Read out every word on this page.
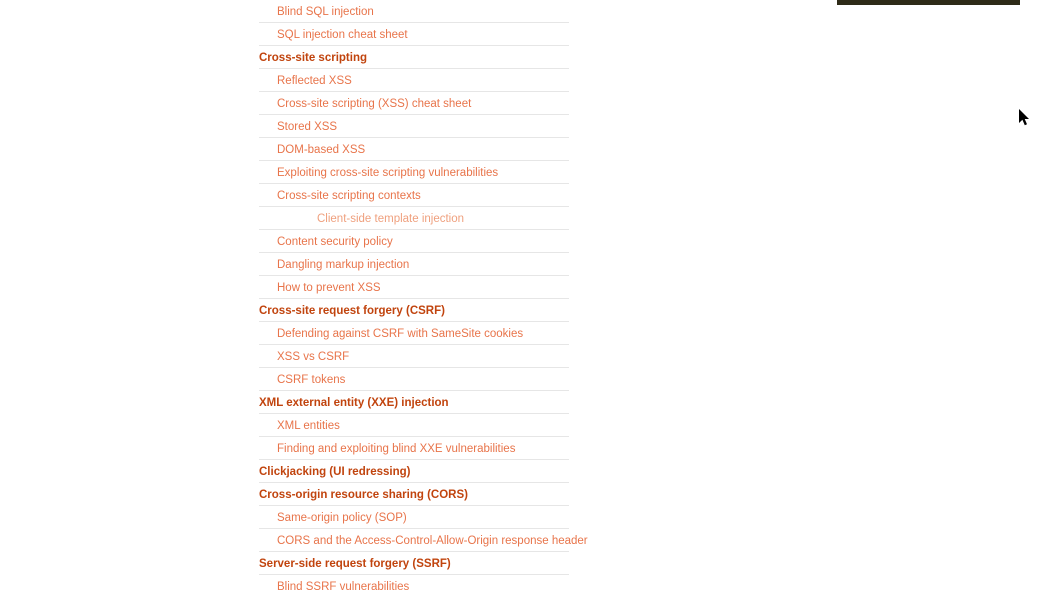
Blind SQL injection
SQL injection cheat sheet
Cross-site scripting
Reflected XSS
Cross-site scripting (XSS) cheat sheet
Stored XSS
DOM-based XSS
Exploiting cross-site scripting vulnerabilities
Cross-site scripting contexts
Client-side template injection
Content security policy
Dangling markup injection
How to prevent XSS
Cross-site request forgery (CSRF)
Defending against CSRF with SameSite cookies
XSS vs CSRF
CSRF tokens
XML external entity (XXE) injection
XML entities
Finding and exploiting blind XXE vulnerabilities
Clickjacking (UI redressing)
Cross-origin resource sharing (CORS)
Same-origin policy (SOP)
CORS and the Access-Control-Allow-Origin response header
Server-side request forgery (SSRF)
Blind SSRF vulnerabilities
